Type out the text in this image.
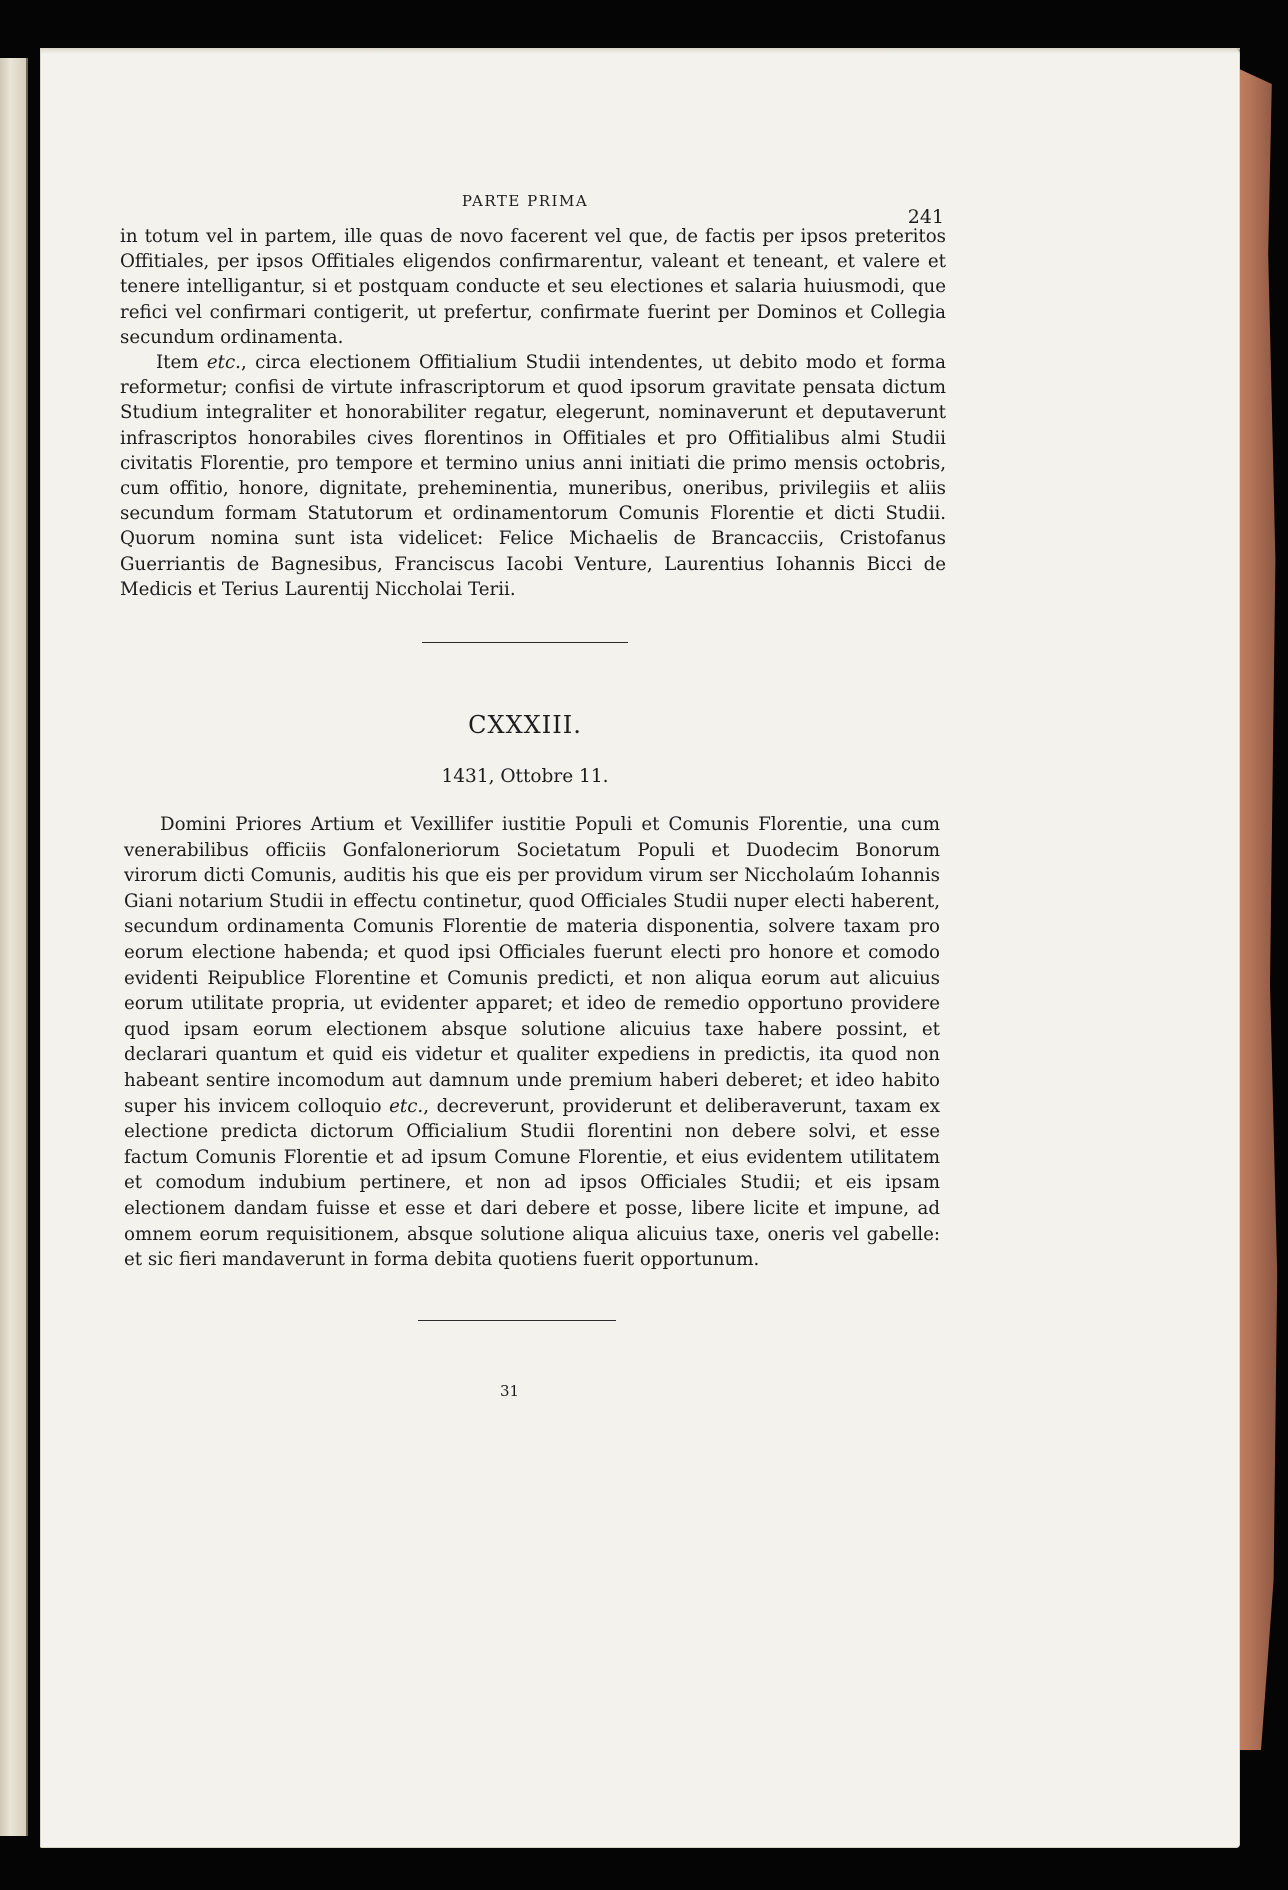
PARTE PRIMA
241

in totum vel in partem, ille quas de novo facerent vel que, de factis per ipsos preteritos Offitiales, per ipsos Offitiales eligendos confirmarentur, valeant et teneant, et valere et tenere intelligantur, si et postquam conducte et seu electiones et salaria huiusmodi, que refici vel confirmari contigerit, ut prefertur, confirmate fuerint per Dominos et Collegia secundum ordinamenta.

Item etc., circa electionem Offitialium Studii intendentes, ut debito modo et forma reformetur; confisi de virtute infrascriptorum et quod ipsorum gravitate pensata dictum Studium integraliter et honorabiliter regatur, elegerunt, nominaverunt et deputaverunt infrascriptos honorabiles cives florentinos in Offitiales et pro Offitialibus almi Studii civitatis Florentie, pro tempore et termino unius anni initiati die primo mensis octobris, cum offitio, honore, dignitate, preheminentia, muneribus, oneribus, privilegiis et aliis secundum formam Statutorum et ordinamentorum Comunis Florentie et dicti Studii. Quorum nomina sunt ista videlicet: Felice Michaelis de Brancacciis, Cristofanus Guerriantis de Bagnesibus, Franciscus Iacobi Venture, Laurentius Iohannis Bicci de Medicis et Terius Laurentij Niccholai Terii.

CXXXIII.
1431, Ottobre 11.

Domini Priores Artium et Vexillifer iustitie Populi et Comunis Florentie, una cum venerabilibus officiis Gonfaloneriorum Societatum Populi et Duodecim Bonorum virorum dicti Comunis, auditis his que eis per providum virum ser Niccholaúm Iohannis Giani notarium Studii in effectu continetur, quod Officiales Studii nuper electi haberent, secundum ordinamenta Comunis Florentie de materia disponentia, solvere taxam pro eorum electione habenda; et quod ipsi Officiales fuerunt electi pro honore et comodo evidenti Reipublice Florentine et Comunis predicti, et non aliqua eorum aut alicuius eorum utilitate propria, ut evidenter apparet; et ideo de remedio opportuno providere quod ipsam eorum electionem absque solutione alicuius taxe habere possint, et declarari quantum et quid eis videtur et qualiter expediens in predictis, ita quod non habeant sentire incomodum aut damnum unde premium haberi deberet; et ideo habito super his invicem colloquio etc., decreverunt, providerunt et deliberaverunt, taxam ex electione predicta dictorum Officialium Studii florentini non debere solvi, et esse factum Comunis Florentie et ad ipsum Comune Florentie, et eius evidentem utilitatem et comodum indubium pertinere, et non ad ipsos Officiales Studii; et eis ipsam electionem dandam fuisse et esse et dari debere et posse, libere licite et impune, ad omnem eorum requisitionem, absque solutione aliqua alicuius taxe, oneris vel gabelle: et sic fieri mandaverunt in forma debita quotiens fuerit opportunum.

31
